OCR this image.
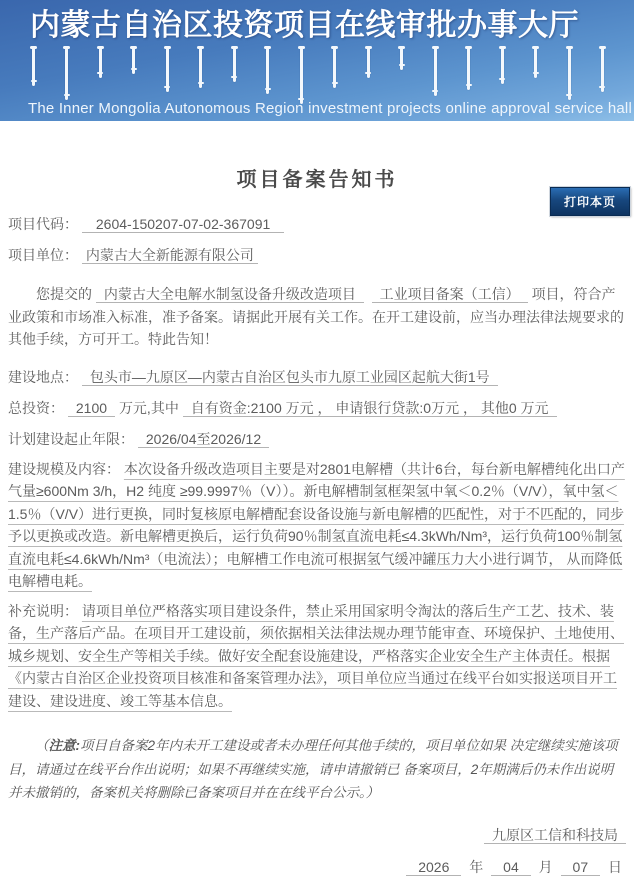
内蒙古自治区投资项目在线审批办事大厅
The Inner Mongolia Autonomous Region investment projects online approval service hall
打印本页
项目备案告知书
项目代码： 2604-150207-07-02-367091
项目单位： 内蒙古大全新能源有限公司

您提交的 内蒙古大全电解水制氢设备升级改造项目 工业项目备案（工信） 项目，符合产业政策和市场准入标准，准予备案。请据此开展有关工作。在开工建设前，应当办理法律法规要求的其他手续，方可开工。特此告知！

建设地点： 包头市—九原区—内蒙古自治区包头市九原工业园区起航大街1号
总投资： 2100 万元,其中 自有资金:2100 万元 ， 申请银行贷款:0万元 ， 其他0 万元
计划建设起止年限： 2026/04至2026/12
建设规模及内容： 本次设备升级改造项目主要是对2801电解槽（共计6台，每台新电解槽纯化出口产气量≥600Nm 3/h，H2 纯度 ≥99.9997％（V））。新电解槽制氢框架氢中氧＜0.2％（V/V），氧中氢＜1.5％（V/V）进行更换，同时复核原电解槽配套设备设施与新电解槽的匹配性，对于不匹配的，同步予以更换或改造。新电解槽更换后，运行负荷90％制氢直流电耗≤4.3kWh/Nm³，运行负荷100％制氢直流电耗≤4.6kWh/Nm³（电流法）；电解槽工作电流可根据氢气缓冲罐压力大小进行调节， 从而降低电解槽电耗。
补充说明： 请项目单位严格落实项目建设条件，禁止采用国家明令淘汰的落后生产工艺、技术、装备，生产落后产品。在项目开工建设前，须依据相关法律法规办理节能审查、环境保护、土地使用、城乡规划、安全生产等相关手续。做好安全配套设施建设，严格落实企业安全生产主体责任。根据《内蒙古自治区企业投资项目核准和备案管理办法》，项目单位应当通过在线平台如实报送项目开工建设、建设进度、竣工等基本信息。

（注意:项目自备案2年内未开工建设或者未办理任何其他手续的，项目单位如果 决定继续实施该项目，请通过在线平台作出说明；如果不再继续实施，请申请撤销已 备案项目，2年期满后仍未作出说明并未撤销的，备案机关将删除已备案项目并在在线平台公示。）

九原区工信和科技局
2026 年 04 月 07 日
